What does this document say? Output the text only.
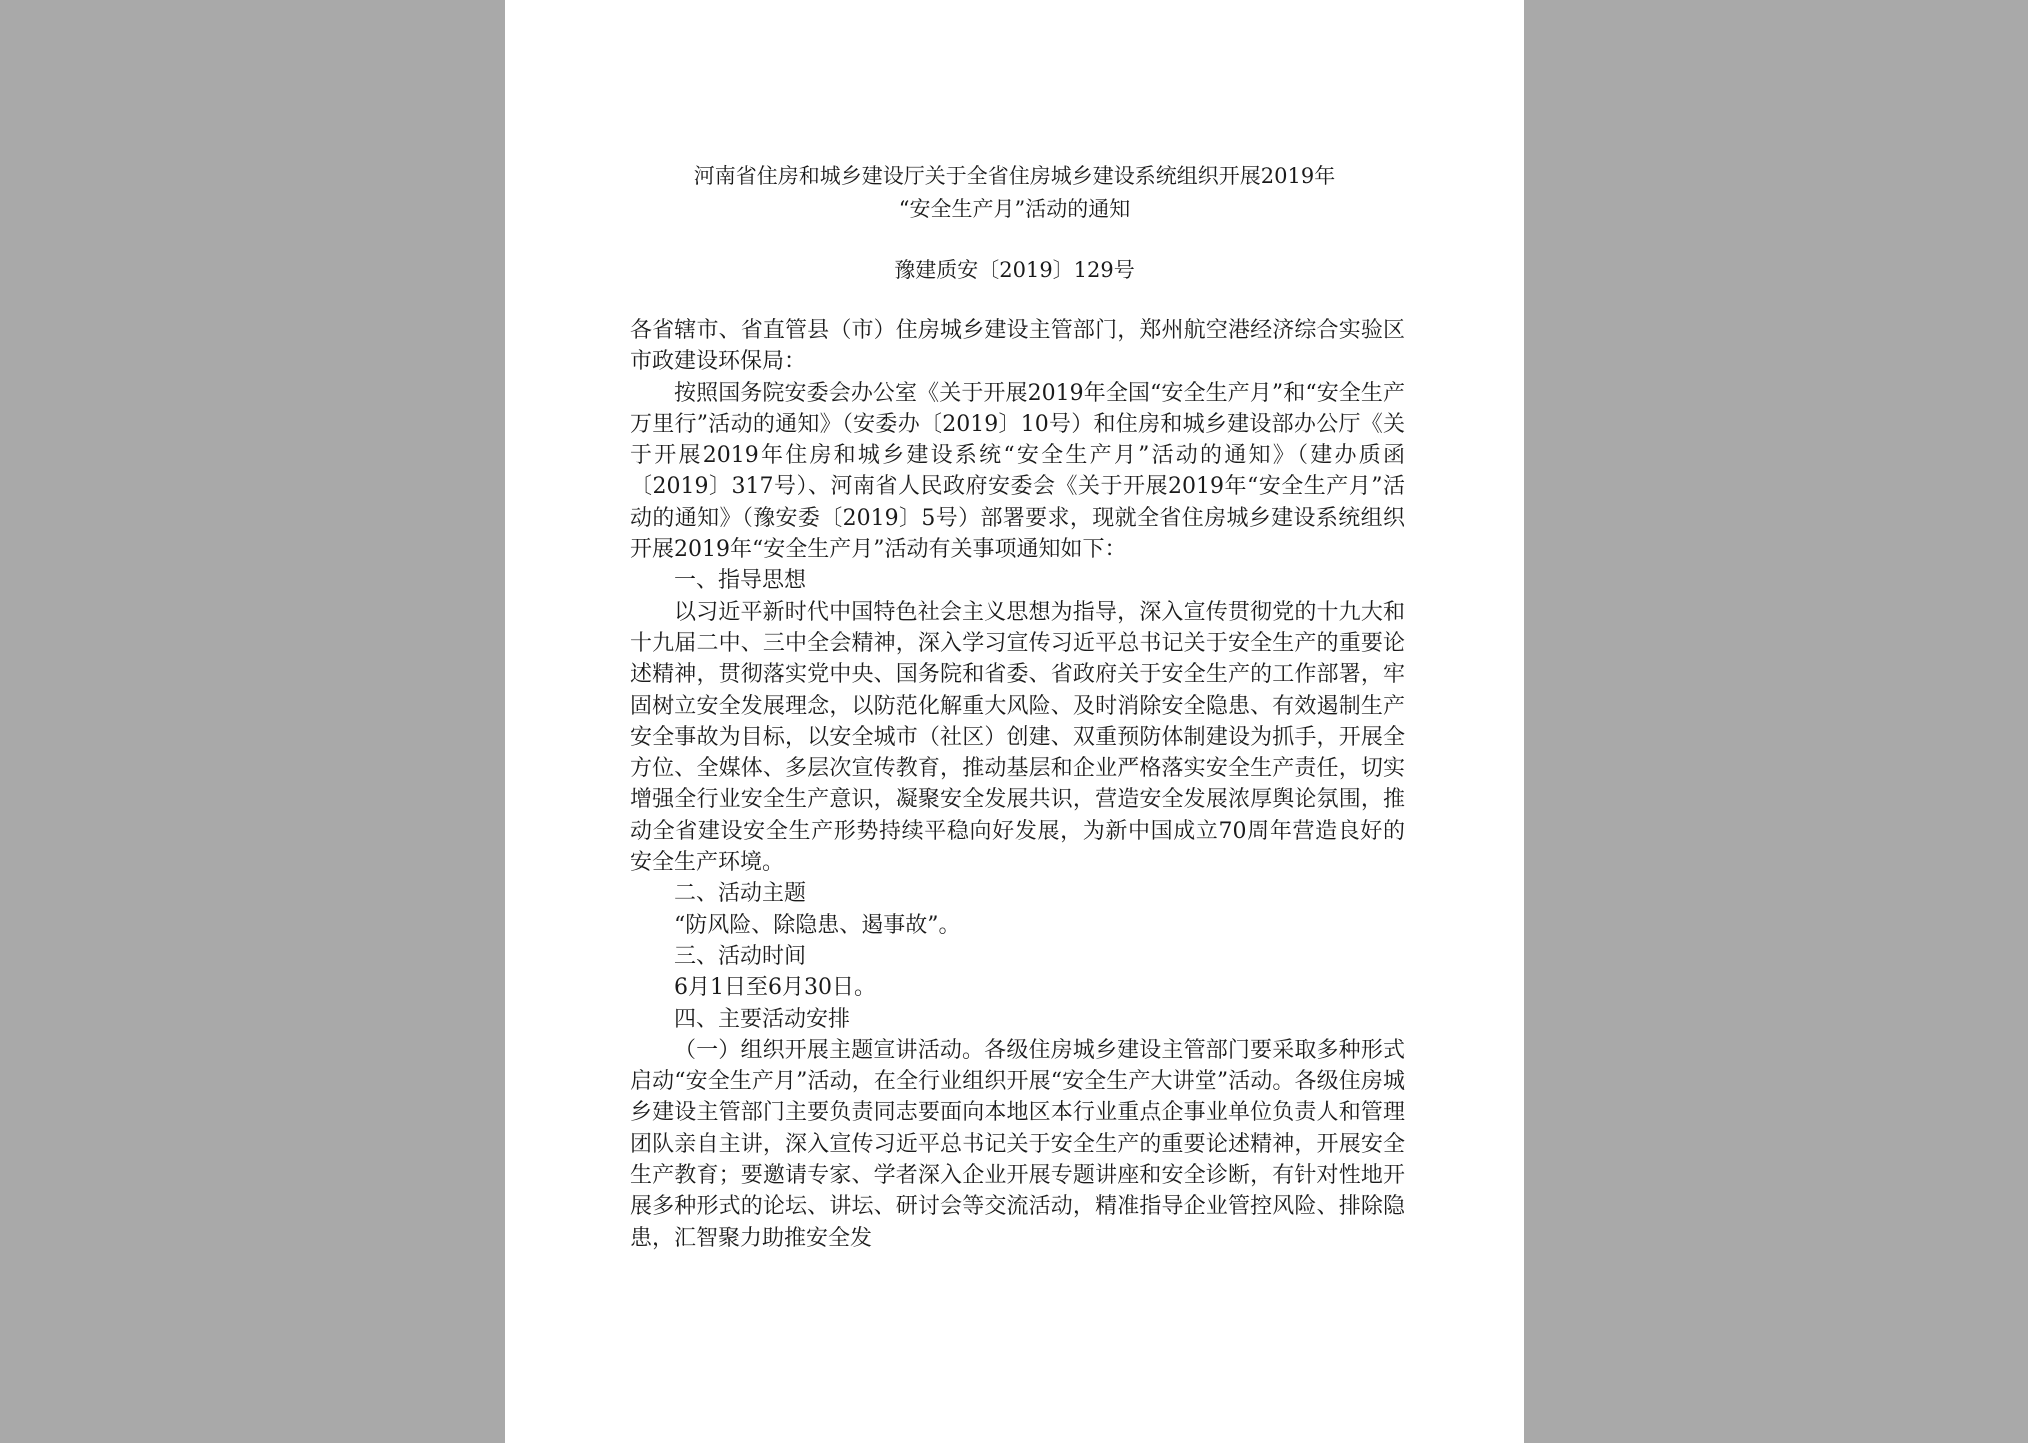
河南省住房和城乡建设厅关于全省住房城乡建设系统组织开展2019年
“安全生产月”活动的通知
豫建质安〔2019〕129号

各省辖市、省直管县（市）住房城乡建设主管部门，郑州航空港经济综合实验区市政建设环保局：

按照国务院安委会办公室《关于开展2019年全国“安全生产月”和“安全生产万里行”活动的通知》（安委办〔2019〕10号）和住房和城乡建设部办公厅《关于开展2019年住房和城乡建设系统“安全生产月”活动的通知》（建办质函〔2019〕317号）、河南省人民政府安委会《关于开展2019年“安全生产月”活动的通知》（豫安委〔2019〕5号）部署要求，现就全省住房城乡建设系统组织开展2019年“安全生产月”活动有关事项通知如下：

一、指导思想

以习近平新时代中国特色社会主义思想为指导，深入宣传贯彻党的十九大和十九届二中、三中全会精神，深入学习宣传习近平总书记关于安全生产的重要论述精神，贯彻落实党中央、国务院和省委、省政府关于安全生产的工作部署，牢固树立安全发展理念，以防范化解重大风险、及时消除安全隐患、有效遏制生产安全事故为目标，以安全城市（社区）创建、双重预防体制建设为抓手，开展全方位、全媒体、多层次宣传教育，推动基层和企业严格落实安全生产责任，切实增强全行业安全生产意识，凝聚安全发展共识，营造安全发展浓厚舆论氛围，推动全省建设安全生产形势持续平稳向好发展，为新中国成立70周年营造良好的安全生产环境。

二、活动主题

“防风险、除隐患、遏事故”。

三、活动时间

6月1日至6月30日。

四、主要活动安排

（一）组织开展主题宣讲活动。各级住房城乡建设主管部门要采取多种形式启动“安全生产月”活动，在全行业组织开展“安全生产大讲堂”活动。各级住房城乡建设主管部门主要负责同志要面向本地区本行业重点企事业单位负责人和管理团队亲自主讲，深入宣传习近平总书记关于安全生产的重要论述精神，开展安全生产教育；要邀请专家、学者深入企业开展专题讲座和安全诊断，有针对性地开展多种形式的论坛、讲坛、研讨会等交流活动，精准指导企业管控风险、排除隐患，汇智聚力助推安全发
